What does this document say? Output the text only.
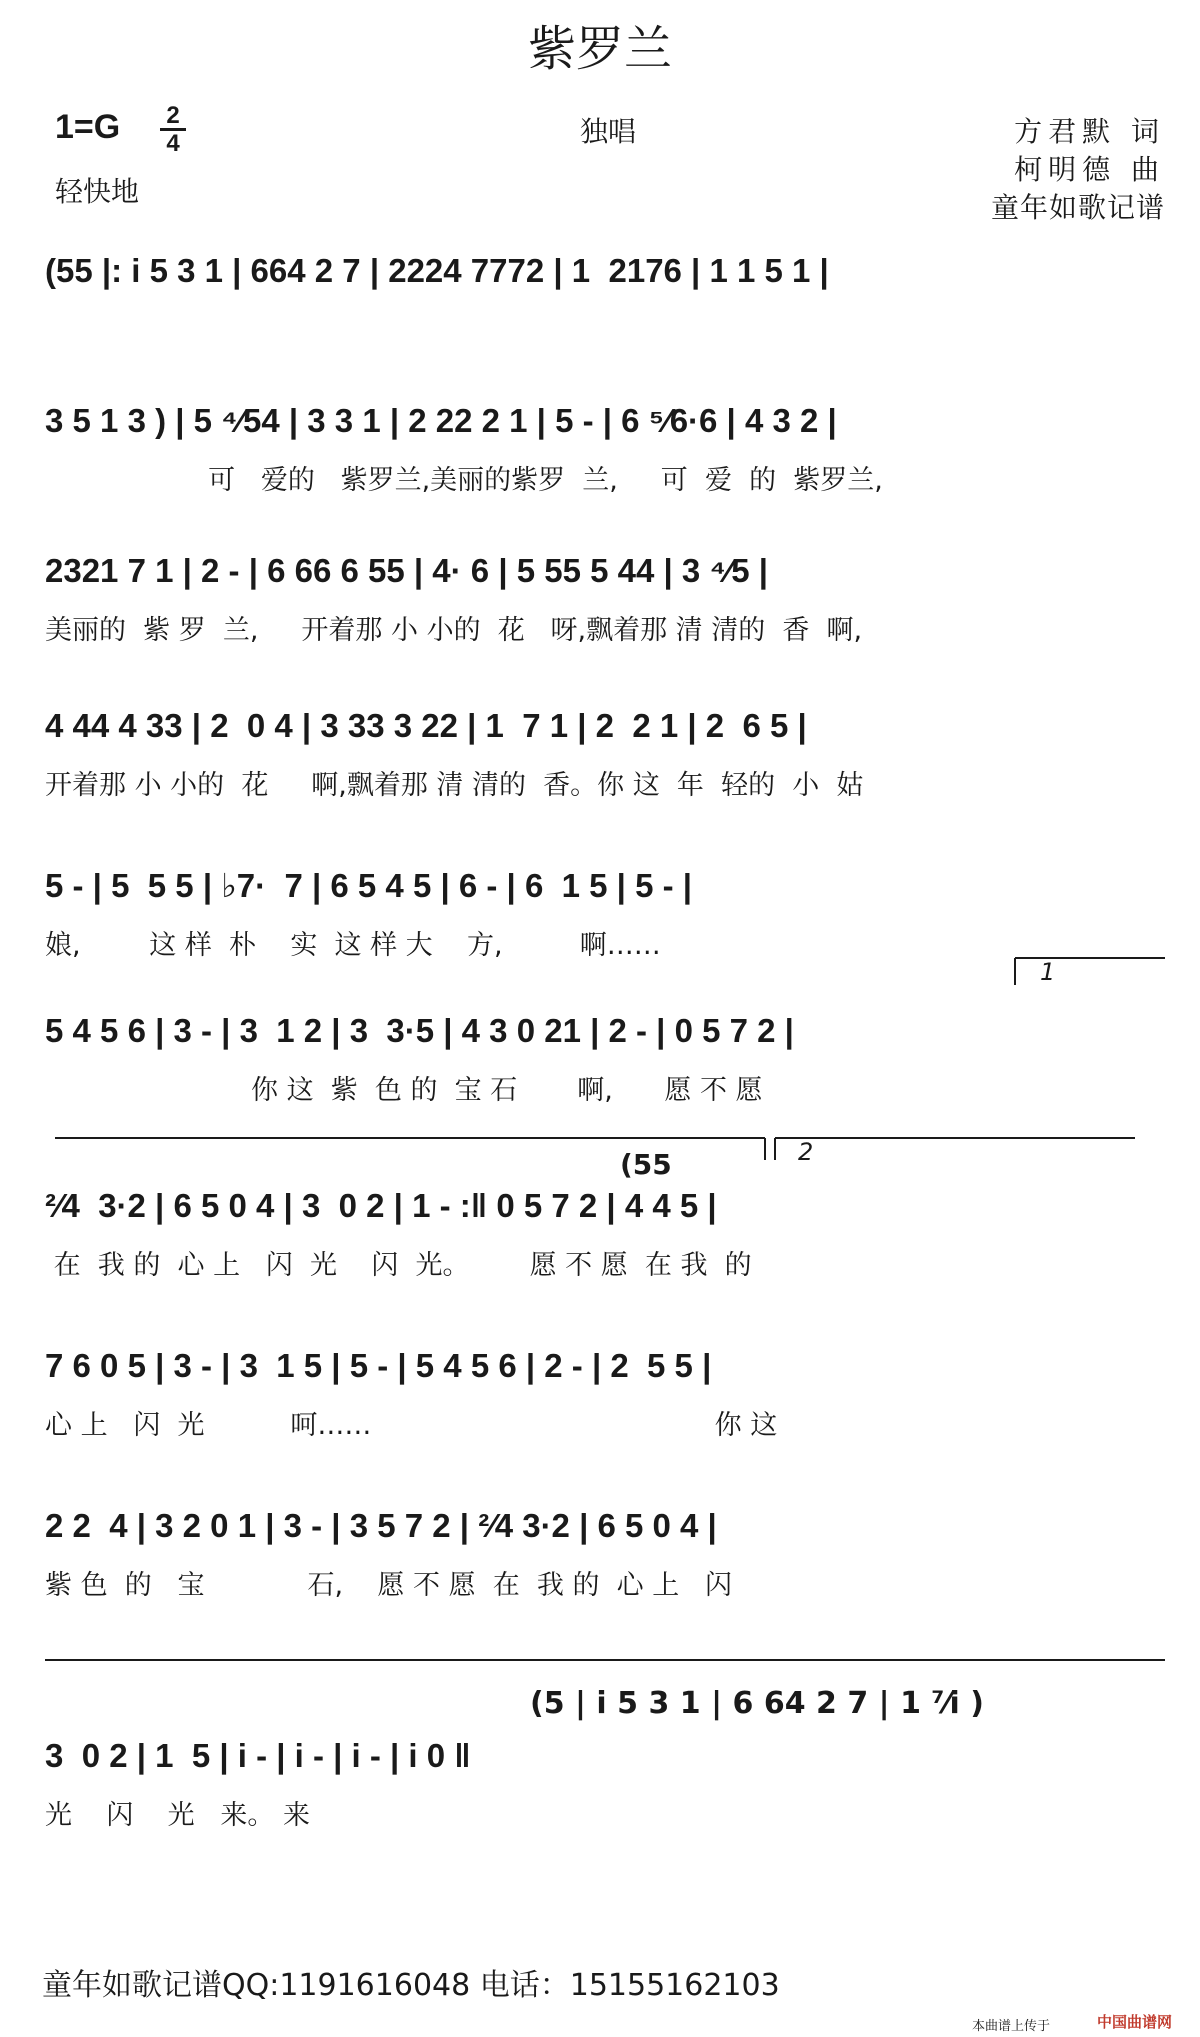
紫罗兰
1=G	2
4
轻快地
独唱	方君默 词
柯明德 曲
童年如歌记谱
(55 |: i 5 3 1 | 664 2 7 | 2224 7772 | 1  2176 | 1 1 5 1 |
3 5 1 3 ) | 5 ⁴⁄54 | 3 3 1 | 2 22 2 1 | 5 - | 6 ⁵⁄6·6 | 4 3 2 |
可   爱的   紫罗兰,美丽的紫罗  兰,     可  爱  的  紫罗兰,
2321 7 1 | 2 - | 6 66 6 55 | 4· 6 | 5 55 5 44 | 3 ⁴⁄5 |
美丽的  紫 罗  兰,     开着那 小 小的  花   呀,飘着那 清 清的  香  啊,
4 44 4 33 | 2  0 4 | 3 33 3 22 | 1  7 1 | 2  2 1 | 2  6 5 |
开着那 小 小的  花     啊,飘着那 清 清的  香。你 这  年  轻的  小  姑
5 - | 5  5 5 | ♭7·  7 | 6 5 4 5 | 6 - | 6  1 5 | 5 - |
娘,        这 样  朴    实  这 样 大    方,         啊……
5 4 5 6 | 3 - | 3  1 2 | 3  3·5 | 4 3 0 21 | 2 - | 0 5 7 2 |
你 这  紫  色 的  宝 石       啊,      愿 不 愿
²⁄4  3·2 | 6 5 0 4 | 3  0 2 | 1 - :‖ 0 5 7 2 | 4 4 5 |
在  我 的  心 上   闪  光    闪  光。       愿 不 愿  在 我  的
7 6 0 5 | 3 - | 3  1 5 | 5 - | 5 4 5 6 | 2 - | 2  5 5 |
心 上   闪  光          呵……                                        你 这
2 2  4 | 3 2 0 1 | 3 - | 3 5 7 2 | ²⁄4 3·2 | 6 5 0 4 |
紫 色  的   宝            石,    愿 不 愿  在  我 的  心 上   闪
3  0 2 | 1  5 | i - | i - | i - | i 0 ‖
光    闪    光   来。 来
1
2
(55
(5 | i 5 3 1 | 6 64 2 7 | 1 ⁷⁄i )
童年如歌记谱QQ:1191616048 电话：15155162103
本曲谱上传于	中国曲谱网
